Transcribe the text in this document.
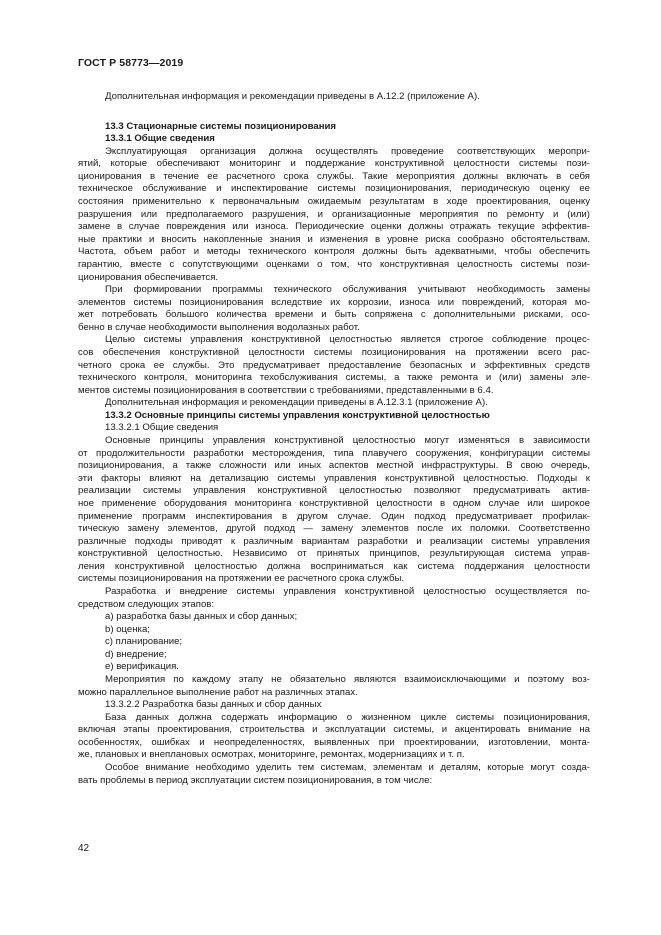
ГОСТ Р 58773—2019
Дополнительная информация и рекомендации приведены в А.12.2 (приложение А).
13.3 Стационарные системы позиционирования
13.3.1 Общие сведения
Эксплуатирующая организация должна осуществлять проведение соответствующих меропри-
ятий, которые обеспечивают мониторинг и поддержание конструктивной целостности системы пози-
ционирования в течение ее расчетного срока службы. Такие мероприятия должны включать в себя
техническое обслуживание и инспектирование системы позиционирования, периодическую оценку ее
состояния применительно к первоначальным ожидаемым результатам в ходе проектирования, оценку
разрушения или предполагаемого разрушения, и организационные мероприятия по ремонту и (или)
замене в случае повреждения или износа. Периодические оценки должны отражать текущие эффектив-
ные практики и вносить накопленные знания и изменения в уровне риска сообразно обстоятельствам.
Частота, объем работ и методы технического контроля должны быть адекватными, чтобы обеспечить
гарантию, вместе с сопутствующими оценками о том, что конструктивная целостность системы пози-
ционирования обеспечивается.
При формировании программы технического обслуживания учитывают необходимость замены
элементов системы позиционирования вследствие их коррозии, износа или повреждений, которая мо-
жет потребовать большого количества времени и быть сопряжена с дополнительными рисками, осо-
бенно в случае необходимости выполнения водолазных работ.
Целью системы управления конструктивной целостностью является строгое соблюдение процес-
сов обеспечения конструктивной целостности системы позиционирования на протяжении всего рас-
четного срока ее службы. Это предусматривает предоставление безопасных и эффективных средств
технического контроля, мониторинга техобслуживания системы, а также ремонта и (или) замены эле-
ментов системы позиционирования в соответствии с требованиями, представленными в 6.4.
Дополнительная информация и рекомендации приведены в А.12.3.1 (приложение А).
13.3.2 Основные принципы системы управления конструктивной целостностью
13.3.2.1 Общие сведения
Основные принципы управления конструктивной целостностью могут изменяться в зависимости
от продолжительности разработки месторождения, типа плавучего сооружения, конфигурации системы
позиционирования, а также сложности или иных аспектов местной инфраструктуры. В свою очередь,
эти факторы влияют на детализацию системы управления конструктивной целостностью. Подходы к
реализации системы управления конструктивной целостностью позволяют предусматривать актив-
ное применение оборудования мониторинга конструктивной целостности в одном случае или широкое
применение программ инспектирования в другом случае. Один подход предусматривает профилак-
тическую замену элементов, другой подход — замену элементов после их поломки. Соответственно
различные подходы приводят к различным вариантам разработки и реализации системы управления
конструктивной целостностью. Независимо от принятых принципов, результирующая система управ-
ления конструктивной целостностью должна восприниматься как система поддержания целостности
системы позиционирования на протяжении ее расчетного срока службы.
Разработка и внедрение системы управления конструктивной целостностью осуществляется по-
средством следующих этапов:
a) разработка базы данных и сбор данных;
b) оценка;
c) планирование;
d) внедрение;
e) верификация.
Мероприятия по каждому этапу не обязательно являются взаимоисключающими и поэтому воз-
можно параллельное выполнение работ на различных этапах.
13.3.2.2 Разработка базы данных и сбор данных
База данных должна содержать информацию о жизненном цикле системы позиционирования,
включая этапы проектирования, строительства и эксплуатации системы, и акцентировать внимание на
особенностях, ошибках и неопределенностях, выявленных при проектировании, изготовлении, монта-
же, плановых и внеплановых осмотрах, мониторинге, ремонтах, модернизациях и т. п.
Особое внимание необходимо уделить тем системам, элементам и деталям, которые могут созда-
вать проблемы в период эксплуатации систем позиционирования, в том числе:
42
